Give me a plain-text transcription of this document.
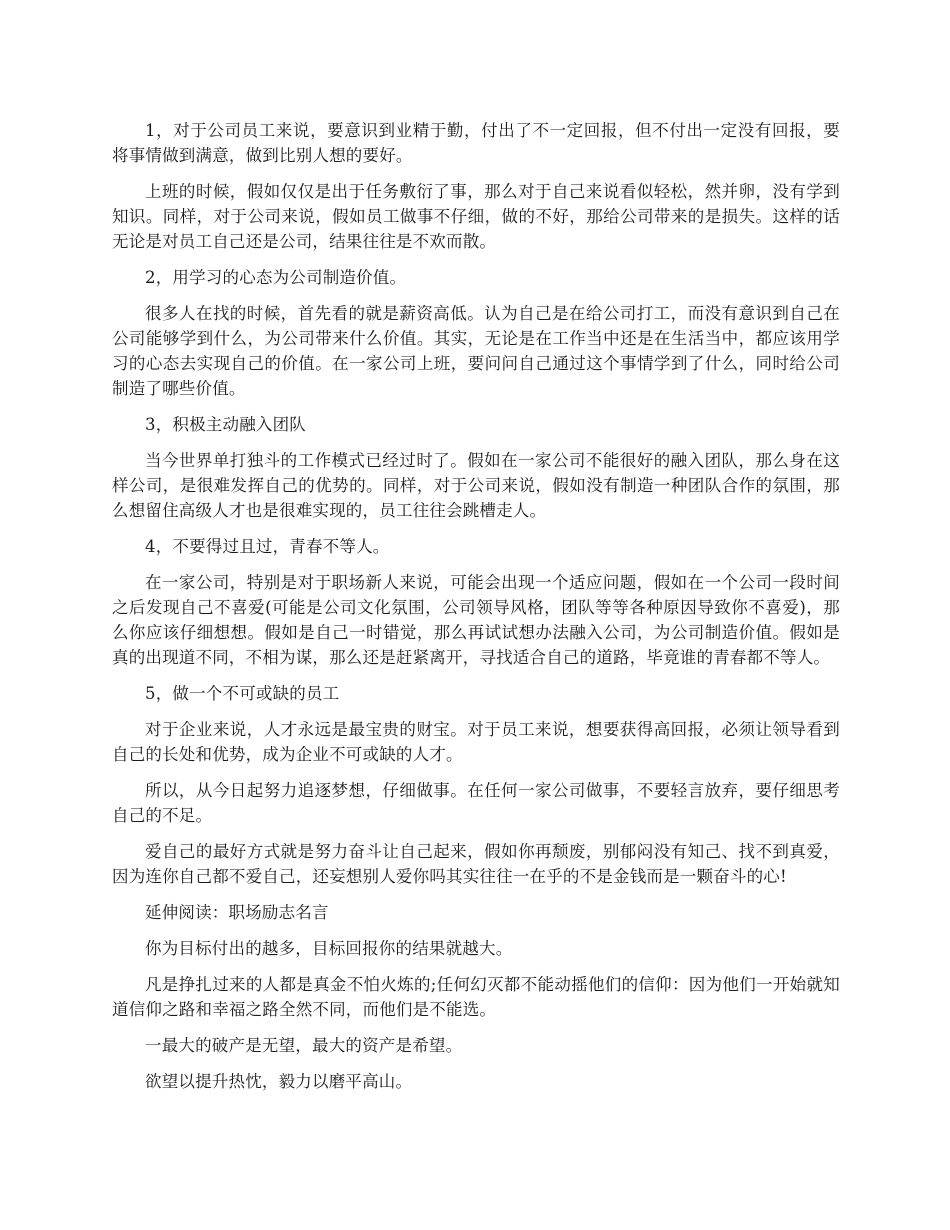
1，对于公司员工来说，要意识到业精于勤，付出了不一定回报，但不付出一定没有回报，要将事情做到满意，做到比别人想的要好。

上班的时候，假如仅仅是出于任务敷衍了事，那么对于自己来说看似轻松，然并卵，没有学到知识。同样，对于公司来说，假如员工做事不仔细，做的不好，那给公司带来的是损失。这样的话无论是对员工自己还是公司，结果往往是不欢而散。

2，用学习的心态为公司制造价值。

很多人在找的时候，首先看的就是薪资高低。认为自己是在给公司打工，而没有意识到自己在公司能够学到什么，为公司带来什么价值。其实，无论是在工作当中还是在生活当中，都应该用学习的心态去实现自己的价值。在一家公司上班，要问问自己通过这个事情学到了什么，同时给公司制造了哪些价值。

3，积极主动融入团队

当今世界单打独斗的工作模式已经过时了。假如在一家公司不能很好的融入团队，那么身在这样公司，是很难发挥自己的优势的。同样，对于公司来说，假如没有制造一种团队合作的氛围，那么想留住高级人才也是很难实现的，员工往往会跳槽走人。

4，不要得过且过，青春不等人。

在一家公司，特别是对于职场新人来说，可能会出现一个适应问题，假如在一个公司一段时间之后发现自己不喜爱(可能是公司文化氛围，公司领导风格，团队等等各种原因导致你不喜爱)，那么你应该仔细想想。假如是自己一时错觉，那么再试试想办法融入公司，为公司制造价值。假如是真的出现道不同，不相为谋，那么还是赶紧离开，寻找适合自己的道路，毕竟谁的青春都不等人。

5，做一个不可或缺的员工

对于企业来说，人才永远是最宝贵的财宝。对于员工来说，想要获得高回报，必须让领导看到自己的长处和优势，成为企业不可或缺的人才。

所以，从今日起努力追逐梦想，仔细做事。在任何一家公司做事，不要轻言放弃，要仔细思考自己的不足。

爱自己的最好方式就是努力奋斗让自己起来，假如你再颓废，别郁闷没有知己、找不到真爱，因为连你自己都不爱自己，还妄想别人爱你吗其实往往一在乎的不是金钱而是一颗奋斗的心!

延伸阅读：职场励志名言

你为目标付出的越多，目标回报你的结果就越大。

凡是挣扎过来的人都是真金不怕火炼的;任何幻灭都不能动摇他们的信仰：因为他们一开始就知道信仰之路和幸福之路全然不同，而他们是不能选。

一最大的破产是无望，最大的资产是希望。

欲望以提升热忱，毅力以磨平高山。
